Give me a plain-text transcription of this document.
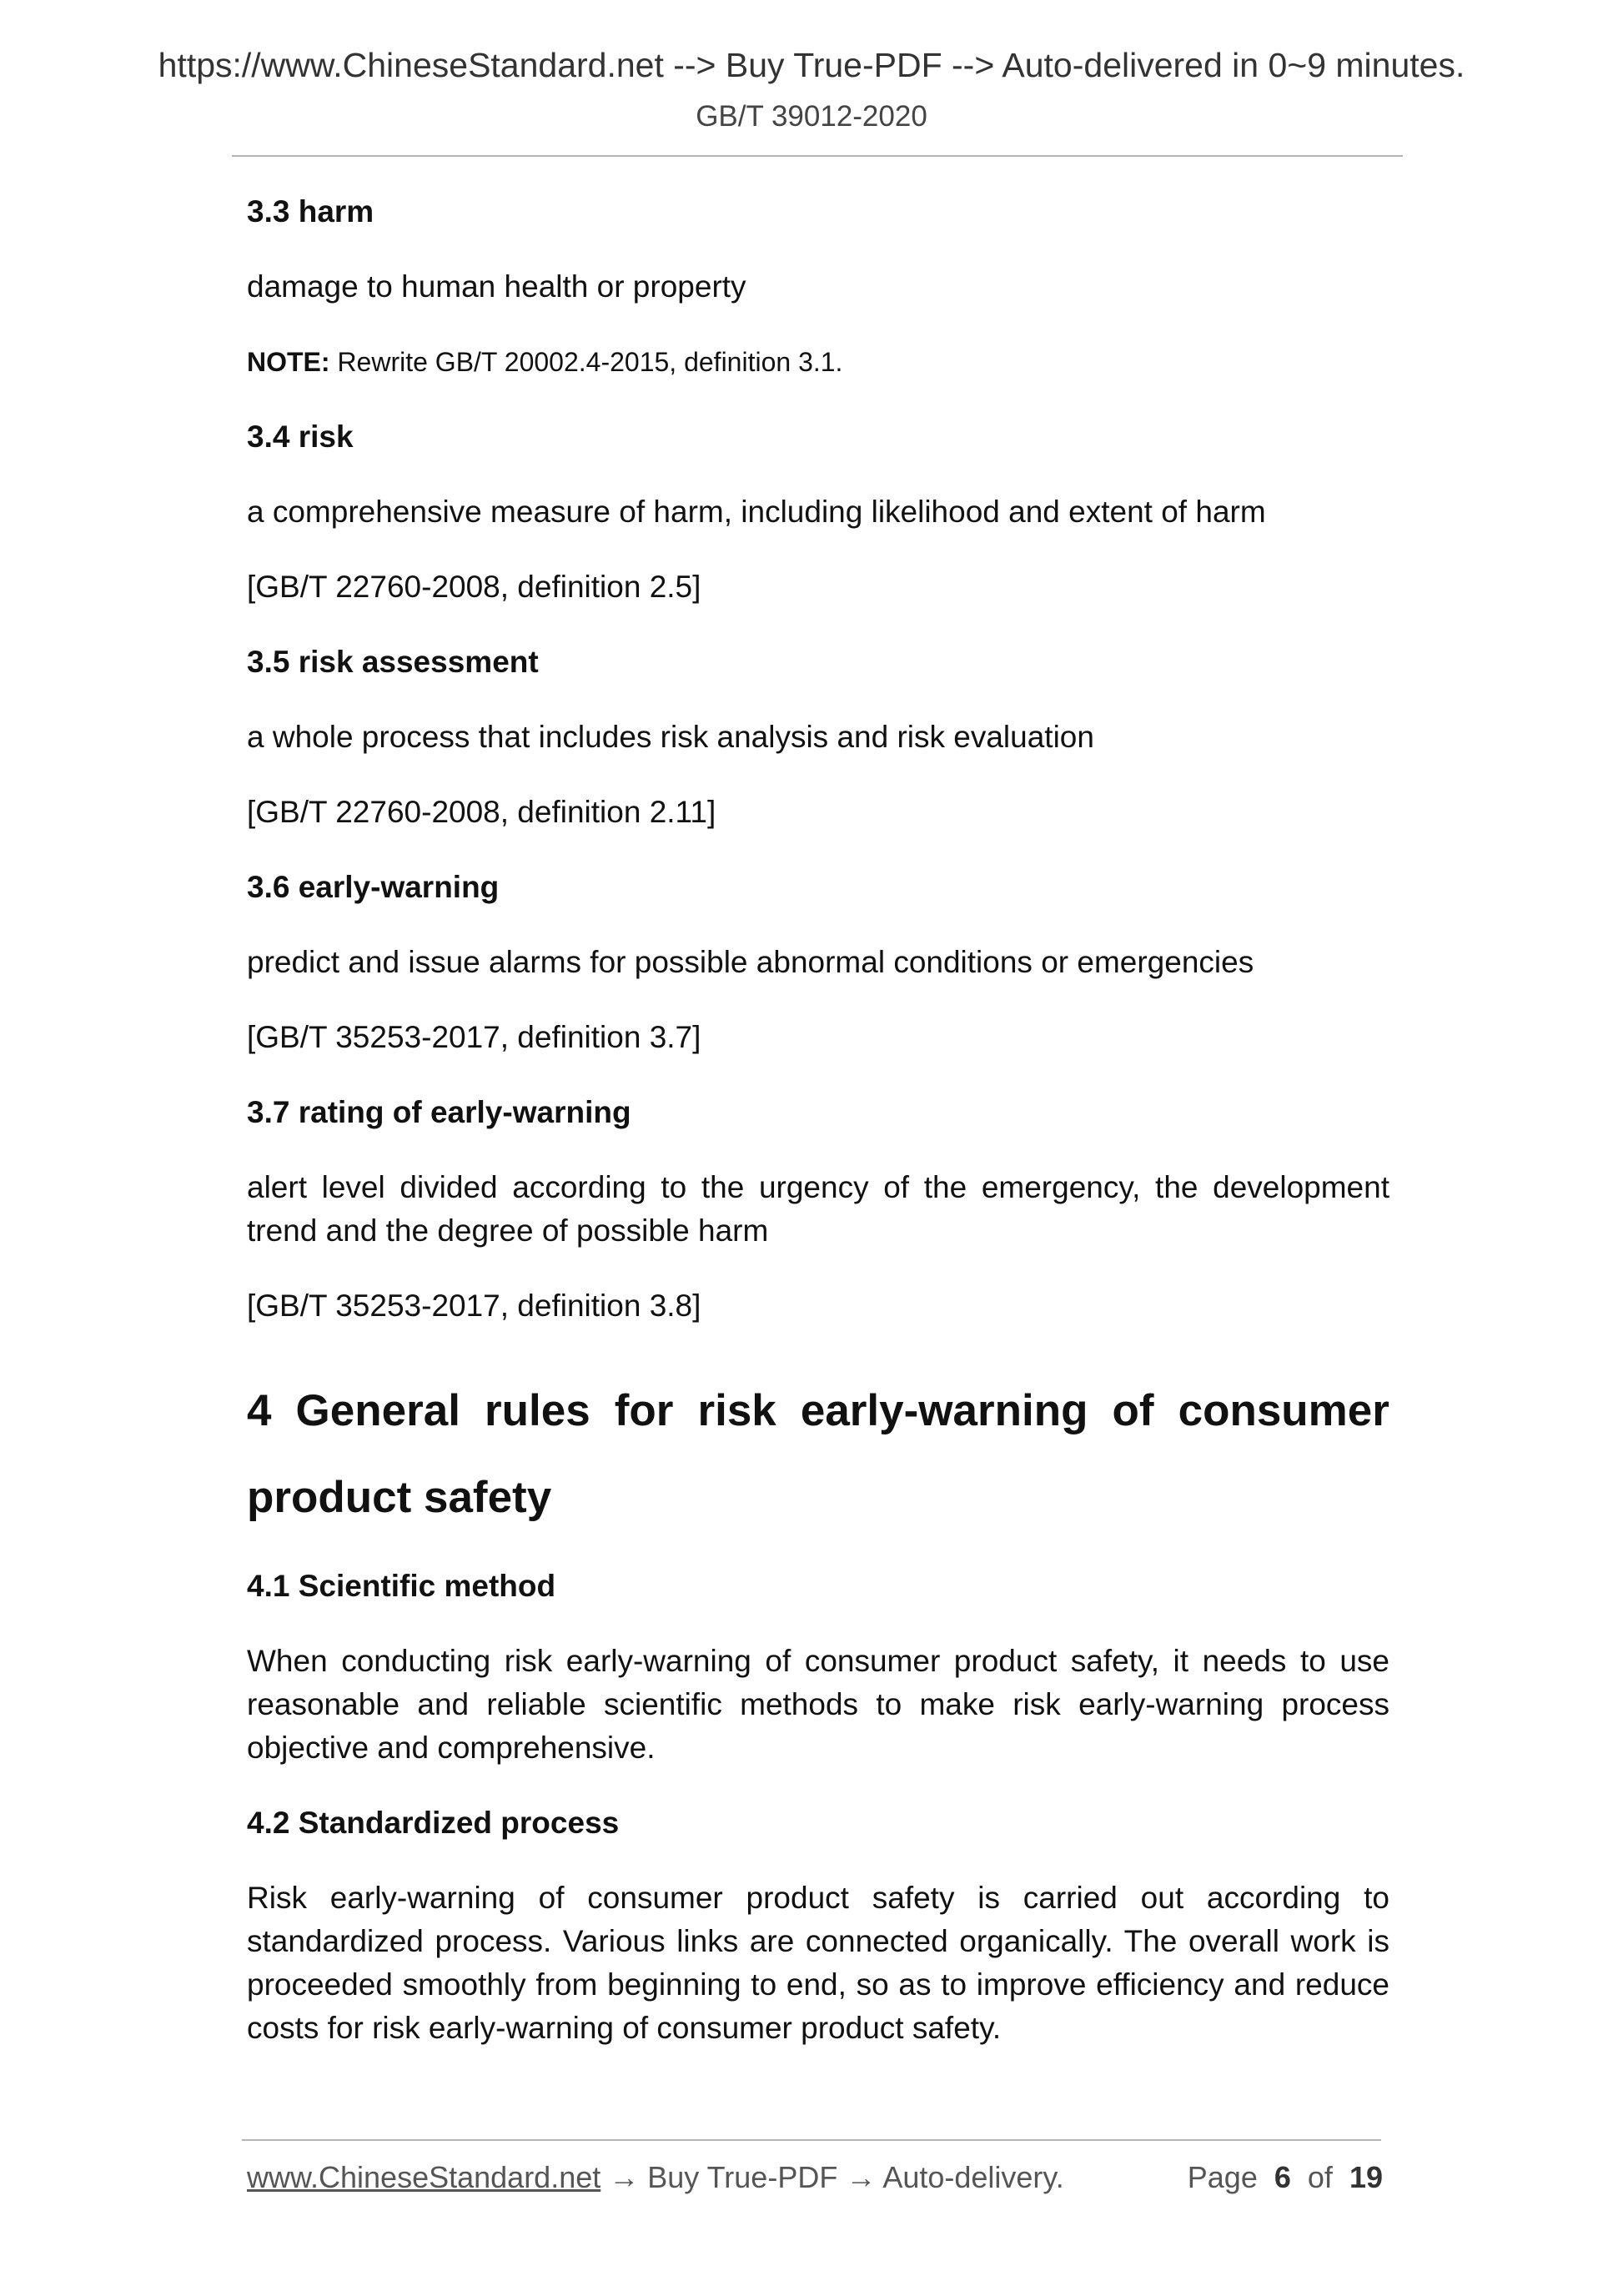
https://www.ChineseStandard.net --> Buy True-PDF --> Auto-delivered in 0~9 minutes.
GB/T 39012-2020

3.3 harm

damage to human health or property

NOTE: Rewrite GB/T 20002.4-2015, definition 3.1.

3.4 risk

a comprehensive measure of harm, including likelihood and extent of harm

[GB/T 22760-2008, definition 2.5]

3.5 risk assessment

a whole process that includes risk analysis and risk evaluation

[GB/T 22760-2008, definition 2.11]

3.6 early-warning

predict and issue alarms for possible abnormal conditions or emergencies

[GB/T 35253-2017, definition 3.7]

3.7 rating of early-warning

alert level divided according to the urgency of the emergency, the development trend and the degree of possible harm

[GB/T 35253-2017, definition 3.8]

4 General rules for risk early-warning of consumer
product safety

4.1 Scientific method

When conducting risk early-warning of consumer product safety, it needs to use reasonable and reliable scientific methods to make risk early-warning process objective and comprehensive.

4.2 Standardized process

Risk early-warning of consumer product safety is carried out according to standardized process. Various links are connected organically. The overall work is proceeded smoothly from beginning to end, so as to improve efficiency and reduce costs for risk early-warning of consumer product safety.

www.ChineseStandard.net → Buy True-PDF → Auto-delivery.	Page 6 of 19
